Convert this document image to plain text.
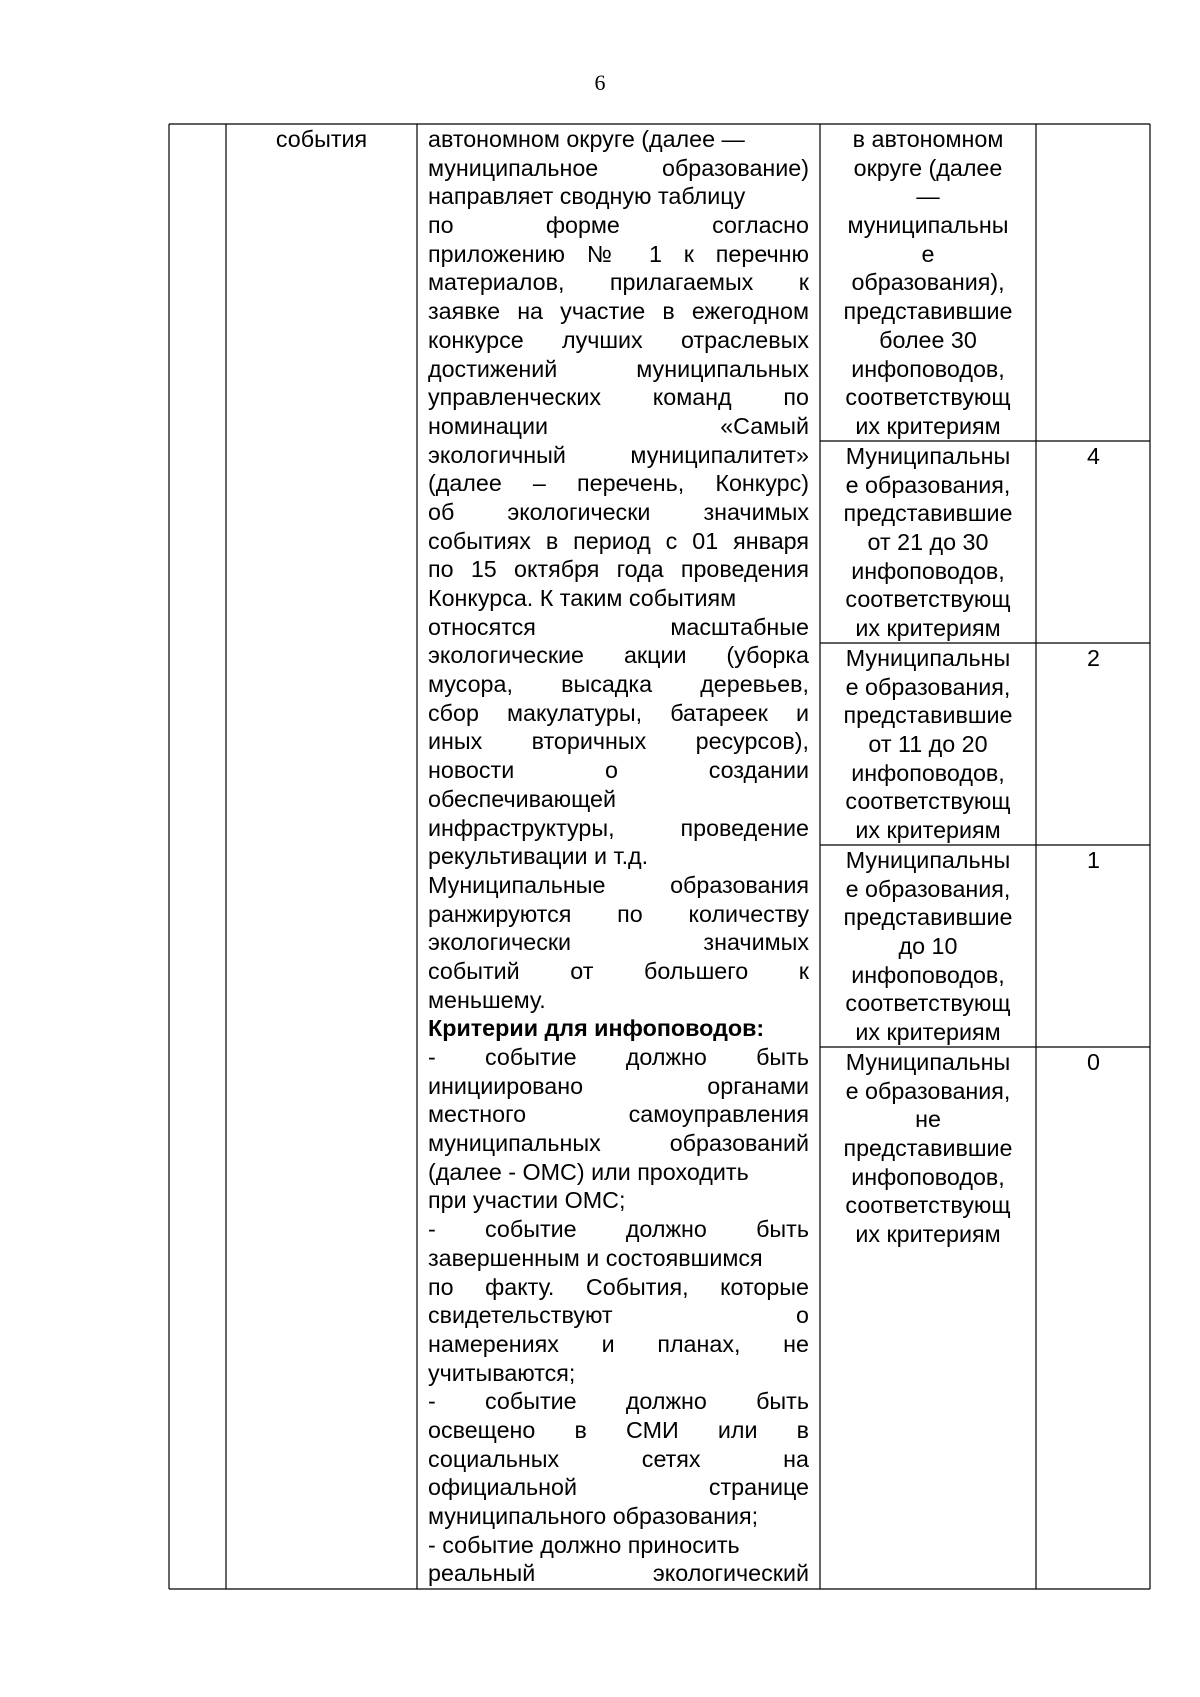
6
события	автономном округе (далее —
муниципальное образование)
направляет сводную таблицу
по форме согласно
приложению № 1 к перечню
материалов, прилагаемых к
заявке на участие в ежегодном
конкурсе лучших отраслевых
достижений муниципальных
управленческих команд по
номинации «Самый
экологичный муниципалитет»
(далее – перечень, Конкурс)
об экологически значимых
событиях в период с 01 января
по 15 октября года проведения
Конкурса. К таким событиям
относятся масштабные
экологические акции (уборка
мусора, высадка деревьев,
сбор макулатуры, батареек и
иных вторичных ресурсов),
новости о создании
обеспечивающей
инфраструктуры, проведение
рекультивации и т.д.
Муниципальные образования
ранжируются по количеству
экологически значимых
событий от большего к
меньшему.
Критерии для инфоповодов:
- событие должно быть
инициировано органами
местного самоуправления
муниципальных образований
(далее - ОМС) или проходить
при участии ОМС;
- событие должно быть
завершенным и состоявшимся
по факту. События, которые
свидетельствуют о
намерениях и планах, не
учитываются;
- событие должно быть
освещено в СМИ или в
социальных сетях на
официальной странице
муниципального образования;
- событие должно приносить
реальный экологический
в автономном
округе (далее
—
муниципальны
е
образования),
представившие
более 30
инфоповодов,
соответствующ
их критериям
Муниципальны
е образования,
представившие
от 21 до 30
инфоповодов,
соответствующ
их критериям
Муниципальны
е образования,
представившие
от 11 до 20
инфоповодов,
соответствующ
их критериям
Муниципальны
е образования,
представившие
до 10
инфоповодов,
соответствующ
их критериям
Муниципальны
е образования,
не
представившие
инфоповодов,
соответствующ
их критериям
4
2
1
0
